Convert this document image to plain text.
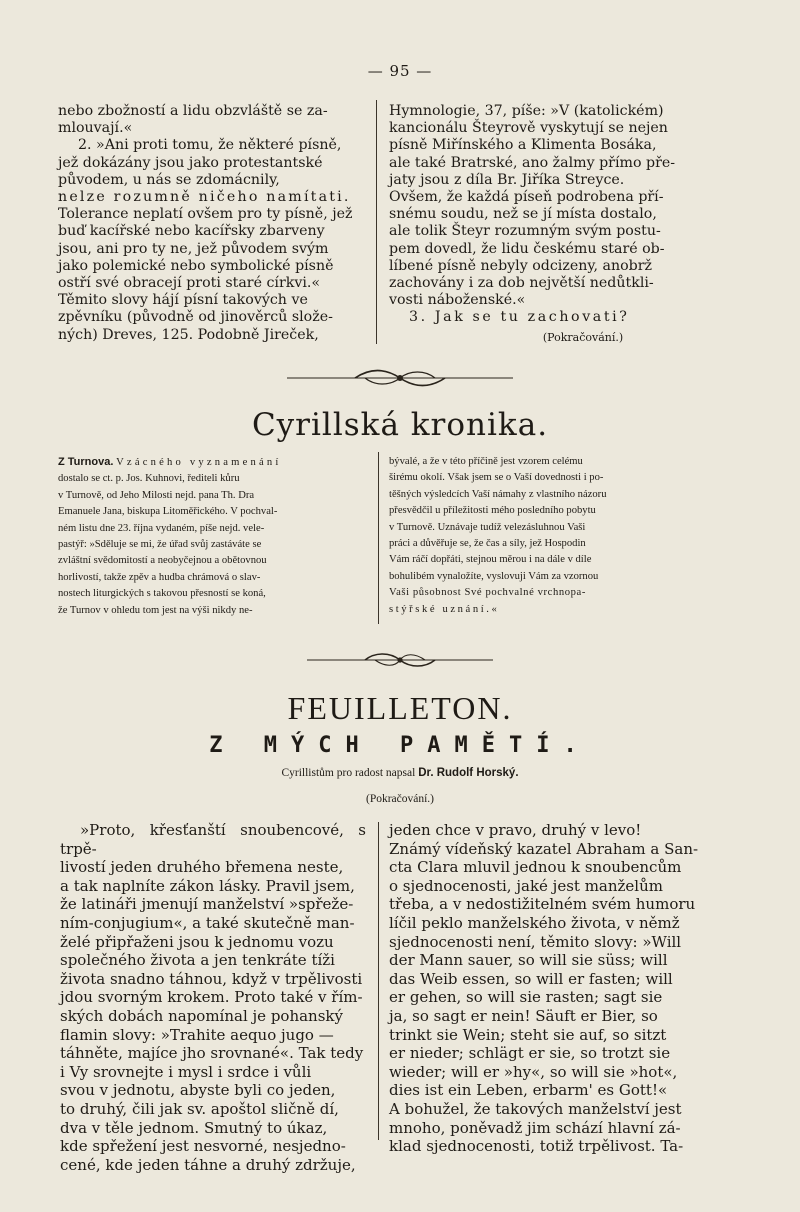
— 95 —

nebo zbožností a lidu obzvláště se za-

mlouvají.«

2. »Ani proti tomu, že některé písně,

jež dokázány jsou jako protestantské

původem, u nás se zdomácnily,

nelze rozumně ničeho namítati.

Tolerance neplatí ovšem pro ty písně, jež

buď kacířské nebo kacířsky zbarveny

jsou, ani pro ty ne, jež původem svým

jako polemické nebo symbolické písně

ostří své obracejí proti staré církvi.«

Těmito slovy hájí písní takových ve

zpěvníku (původně od jinověrců slože-

ných) Dreves, 125. Podobně Jireček,

Hymnologie, 37, píše: »V (katolickém)

kancionálu Šteyrově vyskytují se nejen

písně Miřínského a Klimenta Bosáka,

ale také Bratrské, ano žalmy přímo pře-

jaty jsou z díla Br. Jiříka Streyce.

Ovšem, že každá píseň podrobena pří-

snému soudu, než se jí místa dostalo,

ale tolik Šteyr rozumným svým postu-

pem dovedl, že lidu českému staré ob-

líbené písně nebyly odcizeny, anobrž

zachovány i za dob největší nedůtkli-

vosti náboženské.«

3. Jak se tu zachovati?

(Pokračování.)

Cyrillská kronika.

Z Turnova. Vzácného vyznamenání

dostalo se ct. p. Jos. Kuhnovi, řediteli kůru

v Turnově, od Jeho Milosti nejd. pana Th. Dra

Emanuele Jana, biskupa Litoměřického. V pochval-

ném listu dne 23. října vydaném, píše nejd. vele-

pastýř: »Sděluje se mi, že úřad svůj zastáváte se

zvláštní svědomitostí a neobyčejnou a obětovnou

horlivostí, takže zpěv a hudba chrámová o slav-

nostech liturgických s takovou přesností se koná,

že Turnov v ohledu tom jest na výši nikdy ne-

bývalé, a že v této příčině jest vzorem celému

širému okolí. Však jsem se o Vaší dovednosti i po-

těšných výsledcích Vaší námahy z vlastního názoru

přesvědčil u příležitosti mého posledního pobytu

v Turnově. Uznávaje tudíž velezásluhnou Vaši

práci a důvěřuje se, že čas a síly, jež Hospodin

Vám ráčí dopřáti, stejnou měrou i na dále v díle

bohulibém vynaložíte, vyslovuji Vám za vzornou

Vaši působnost Své pochvalné vrchnopa-

stýřské uznání.«

FEUILLETON.
Z MÝCH PAMĚTÍ.
Cyrillistům pro radost napsal Dr. Rudolf Horský.
(Pokračování.)

»Proto, křesťanští snoubencové, s trpě-

livostí jeden druhého břemena neste,

a tak naplníte zákon lásky. Pravil jsem,

že latináři jmenují manželství »spřeže-

ním-conjugium«, a také skutečně man-

želé připřaženi jsou k jednomu vozu

společného života a jen tenkráte tíži

života snadno táhnou, když v trpělivosti

jdou svorným krokem. Proto také v řím-

ských dobách napomínal je pohanský

flamin slovy: »Trahite aequo jugo —

táhněte, majíce jho srovnané«. Tak tedy

i Vy srovnejte i mysl i srdce i vůli

svou v jednotu, abyste byli co jeden,

to druhý, čili jak sv. apoštol sličně dí,

dva v těle jednom. Smutný to úkaz,

kde spřežení jest nesvorné, nesjedno-

cené, kde jeden táhne a druhý zdržuje,

jeden chce v pravo, druhý v levo!

Známý vídeňský kazatel Abraham a San-

cta Clara mluvil jednou k snoubencům

o sjednocenosti, jaké jest manželům

třeba, a v nedostižitelném svém humoru

líčil peklo manželského života, v němž

sjednocenosti není, těmito slovy: »Will

der Mann sauer, so will sie süss; will

das Weib essen, so will er fasten; will

er gehen, so will sie rasten; sagt sie

ja, so sagt er nein! Säuft er Bier, so

trinkt sie Wein; steht sie auf, so sitzt

er nieder; schlägt er sie, so trotzt sie

wieder; will er »hy«, so will sie »hot«,

dies ist ein Leben, erbarm' es Gott!«

A bohužel, že takových manželství jest

mnoho, poněvadž jim schází hlavní zá-

klad sjednocenosti, totiž trpělivost. Ta-
